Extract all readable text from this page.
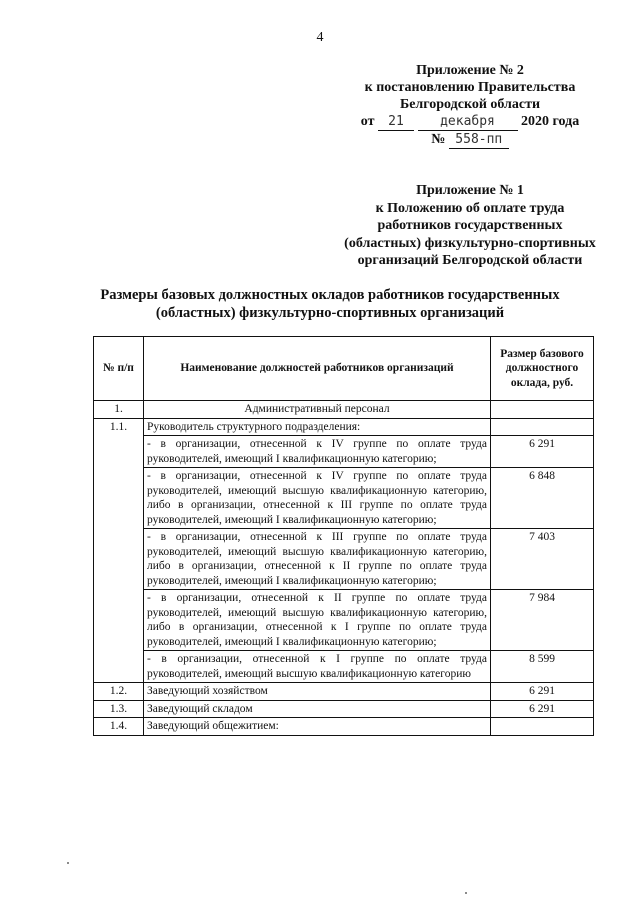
4
Приложение № 2
к постановлению Правительства
Белгородской области
от 21	декабря 2020 года
№ 558-пп
Приложение № 1
к Положению об оплате труда
работников государственных
(областных) физкультурно-спортивных
организаций Белгородской области
Размеры базовых должностных окладов работников государственных
(областных) физкультурно-спортивных организаций
№ п/п	Наименование должностей работников организаций	Размер базового должностного оклада, руб.
1.	Административный персонал	
1.1.	Руководитель структурного подразделения:	
	- в организации, отнесенной к IV группе по оплате труда руководителей, имеющий I квалификационную категорию;	6 291
	- в организации, отнесенной к IV группе по оплате труда руководителей, имеющий высшую квалификационную категорию, либо в организации, отнесенной к III группе по оплате труда руководителей, имеющий I квалификационную категорию;	6 848
	- в организации, отнесенной к III группе по оплате труда руководителей, имеющий высшую квалификационную категорию, либо в организации, отнесенной к II группе по оплате труда руководителей, имеющий I квалификационную категорию;	7 403
	- в организации, отнесенной к II группе по оплате труда руководителей, имеющий высшую квалификационную категорию, либо в организации, отнесенной к I группе по оплате труда руководителей, имеющий I квалификационную категорию;	7 984
	- в организации, отнесенной к I группе по оплате труда руководителей, имеющий высшую квалификационную категорию	8 599
1.2.	Заведующий хозяйством	6 291
1.3.	Заведующий складом	6 291
1.4.	Заведующий общежитием:	
